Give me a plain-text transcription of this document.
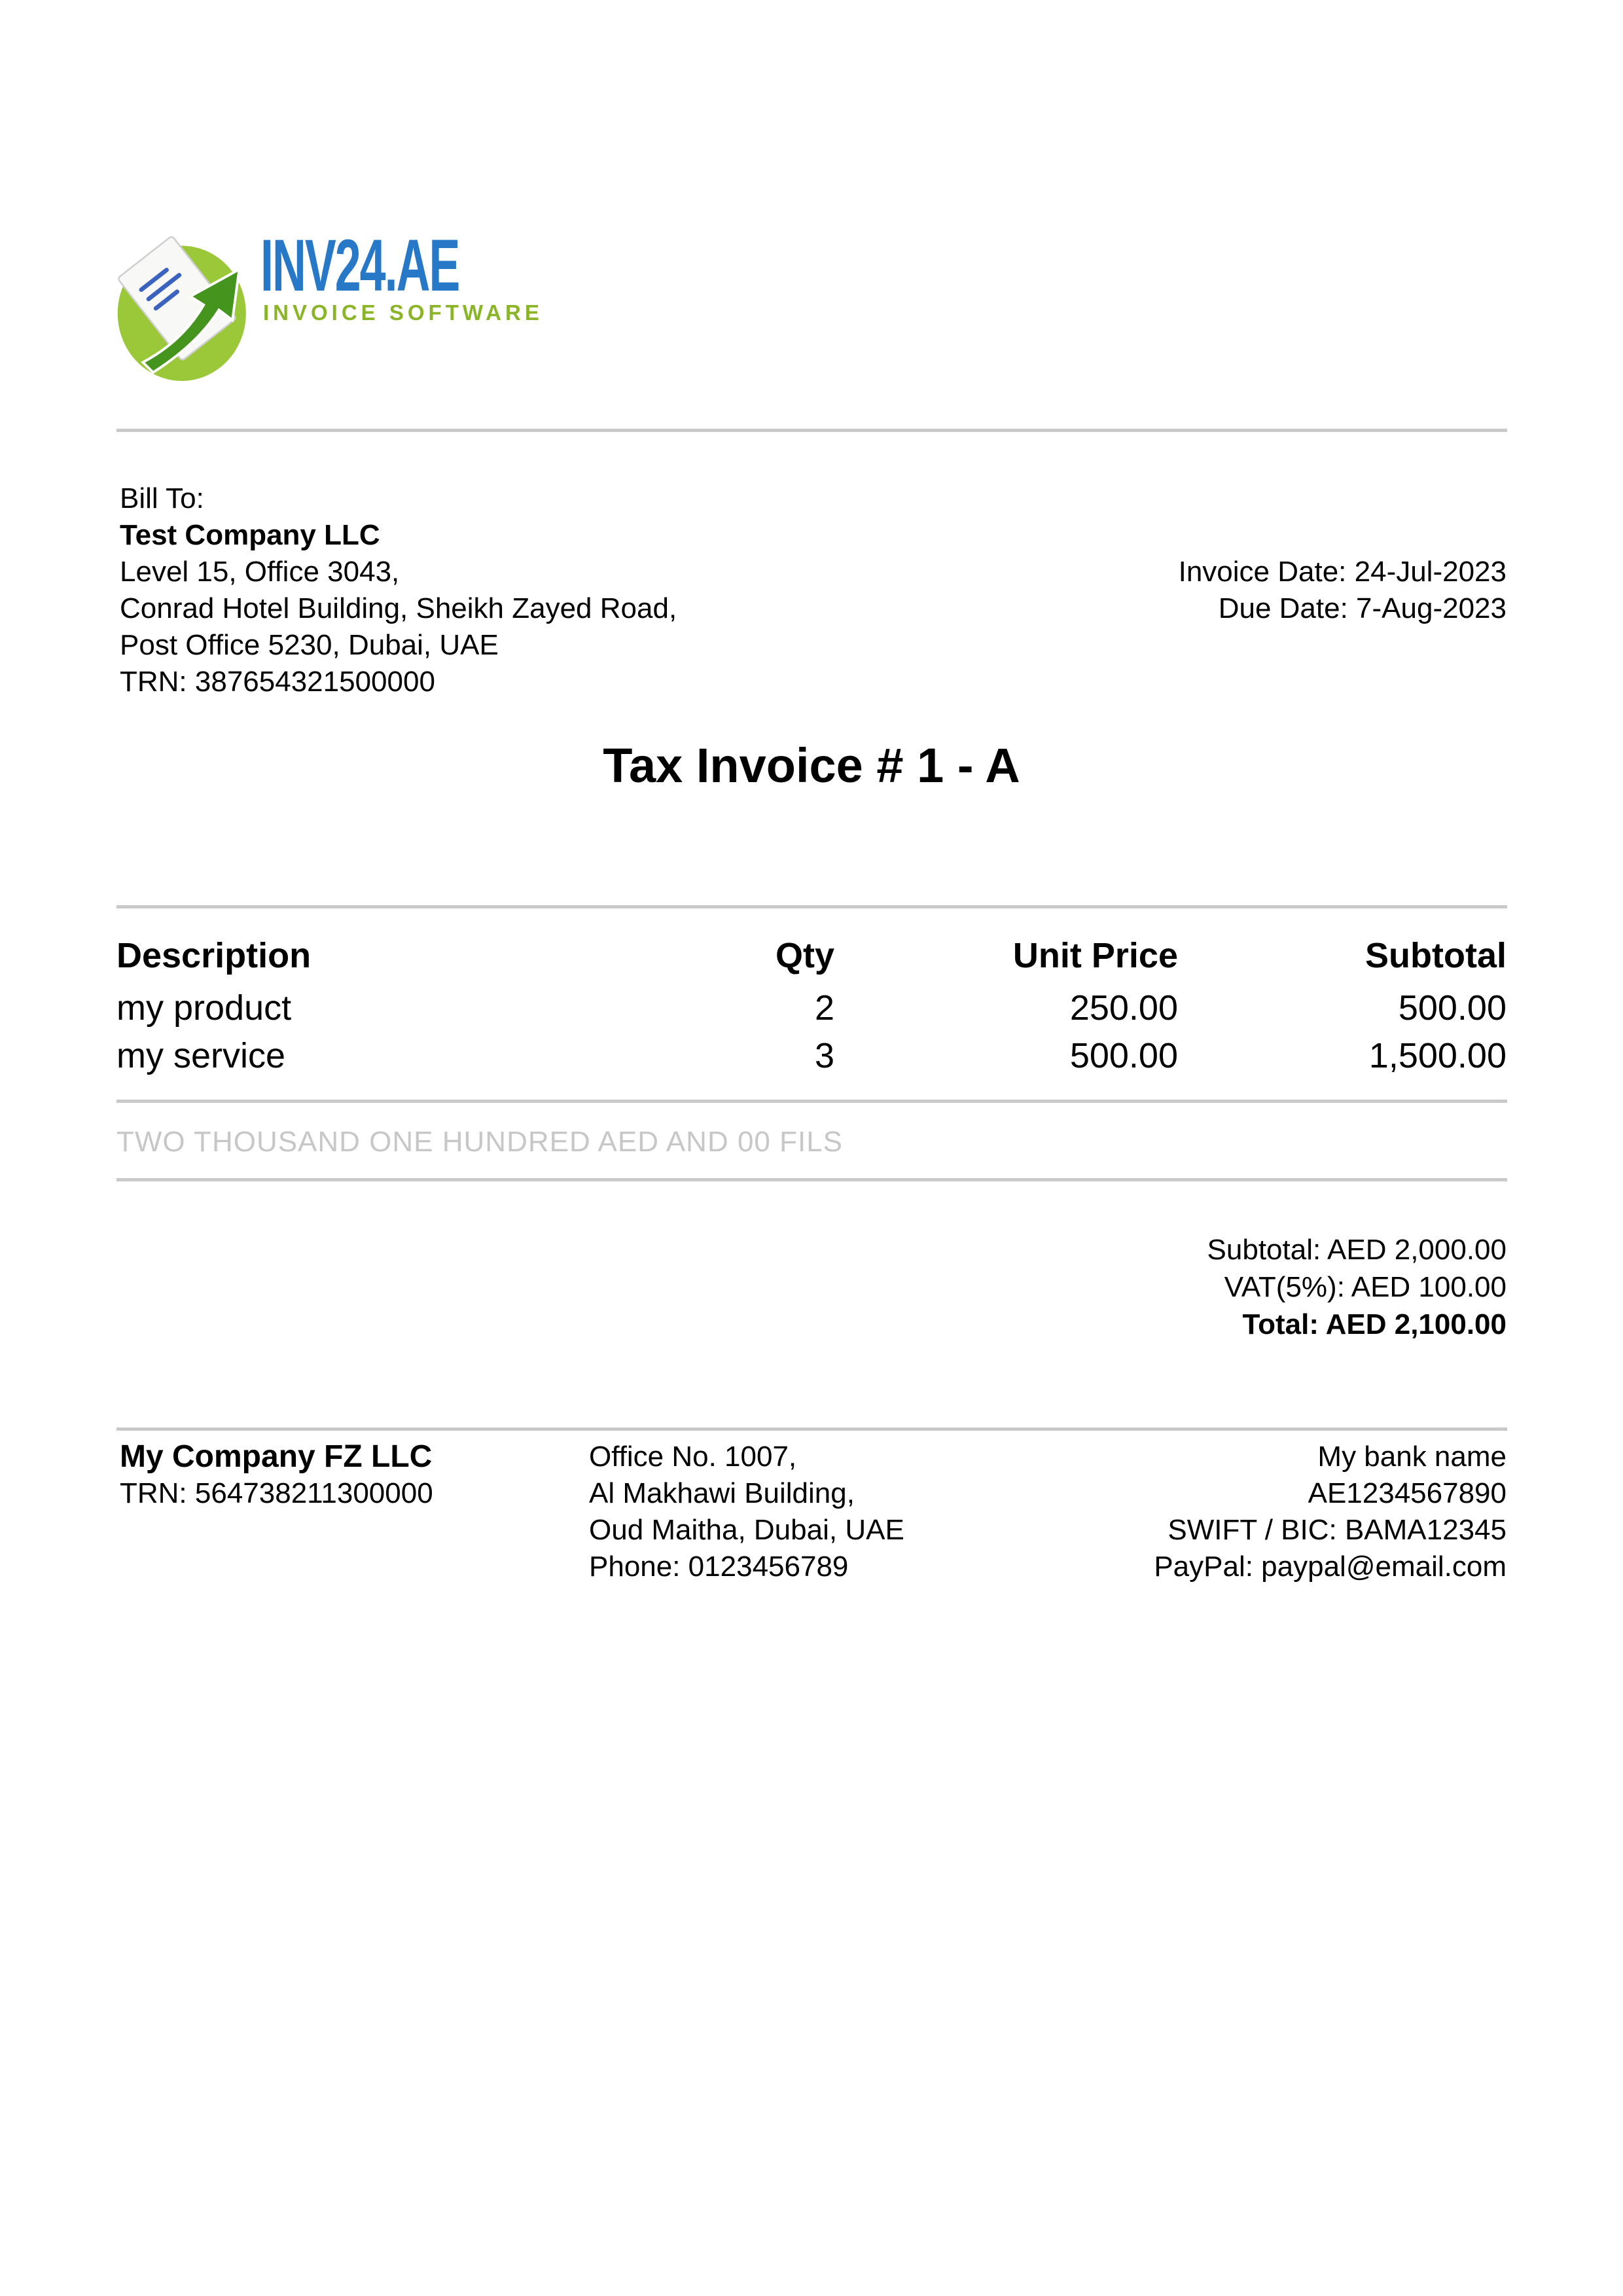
INV24.AE
INVOICE SOFTWARE
Bill To:
Test Company LLC
Level 15, Office 3043,
Conrad Hotel Building, Sheikh Zayed Road,
Post Office 5230, Dubai, UAE
TRN: 387654321500000
Invoice Date: 24-Jul-2023
Due Date: 7-Aug-2023
Tax Invoice # 1 - A
Description	Qty	Unit Price	Subtotal
my product	2	250.00	500.00
my service	3	500.00	1,500.00
TWO THOUSAND ONE HUNDRED AED AND 00 FILS
Subtotal: AED 2,000.00
VAT(5%): AED 100.00
Total: AED 2,100.00
My Company FZ LLC
TRN: 564738211300000
Office No. 1007,
Al Makhawi Building,
Oud Maitha, Dubai, UAE
Phone: 0123456789
My bank name
AE1234567890
SWIFT / BIC: BAMA12345
PayPal: paypal@email.com
